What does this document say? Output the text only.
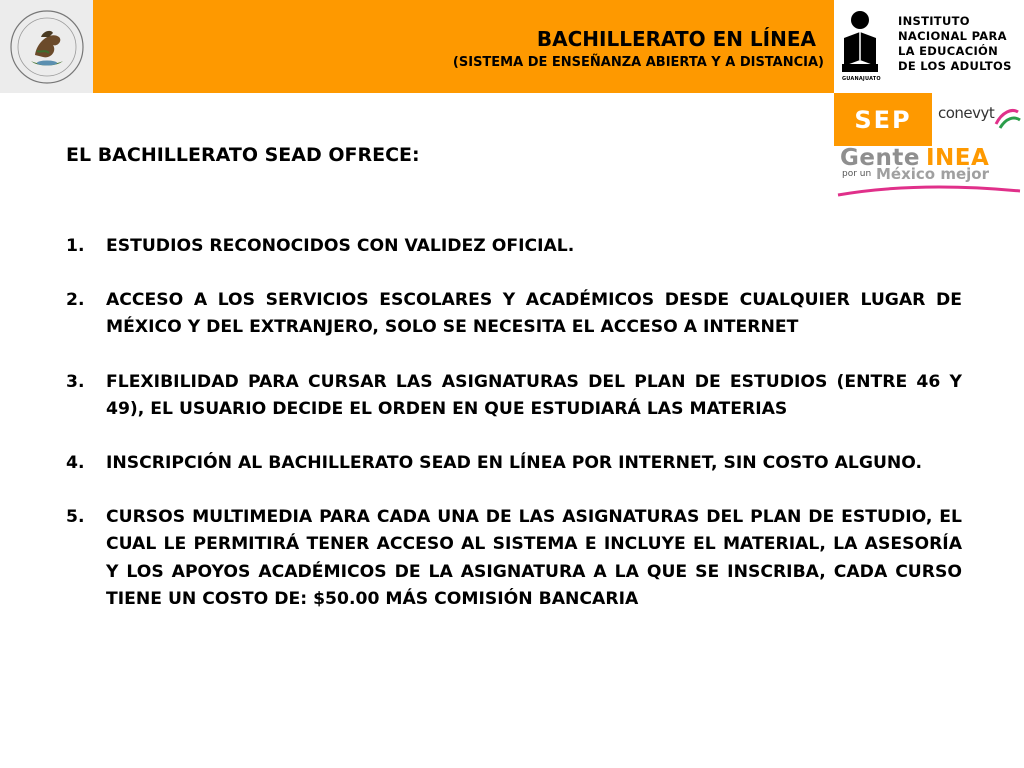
BACHILLERATO EN LÍNEA
(SISTEMA DE ENSEÑANZA ABIERTA Y A DISTANCIA)
GUANAJUATO
INSTITUTO
NACIONAL PARA
LA EDUCACIÓN
DE LOS ADULTOS
SEP conevyt
Gente INEA
por un México mejor
EL BACHILLERATO SEAD OFRECE:
1. ESTUDIOS RECONOCIDOS CON VALIDEZ OFICIAL.
2. ACCESO A LOS SERVICIOS ESCOLARES Y ACADÉMICOS DESDE CUALQUIER LUGAR DE MÉXICO Y DEL EXTRANJERO, SOLO SE NECESITA EL ACCESO A INTERNET
3. FLEXIBILIDAD PARA CURSAR LAS ASIGNATURAS DEL PLAN DE ESTUDIOS (ENTRE 46 Y 49), EL USUARIO DECIDE EL ORDEN EN QUE ESTUDIARÁ LAS MATERIAS
4. INSCRIPCIÓN AL BACHILLERATO SEAD EN LÍNEA POR INTERNET, SIN COSTO ALGUNO.
5. CURSOS MULTIMEDIA PARA CADA UNA DE LAS ASIGNATURAS DEL PLAN DE ESTUDIO, EL CUAL LE PERMITIRÁ TENER ACCESO AL SISTEMA E INCLUYE EL MATERIAL, LA ASESORÍA Y LOS APOYOS ACADÉMICOS DE LA ASIGNATURA A LA QUE SE INSCRIBA, CADA CURSO TIENE UN COSTO DE: $50.00 MÁS COMISIÓN BANCARIA
